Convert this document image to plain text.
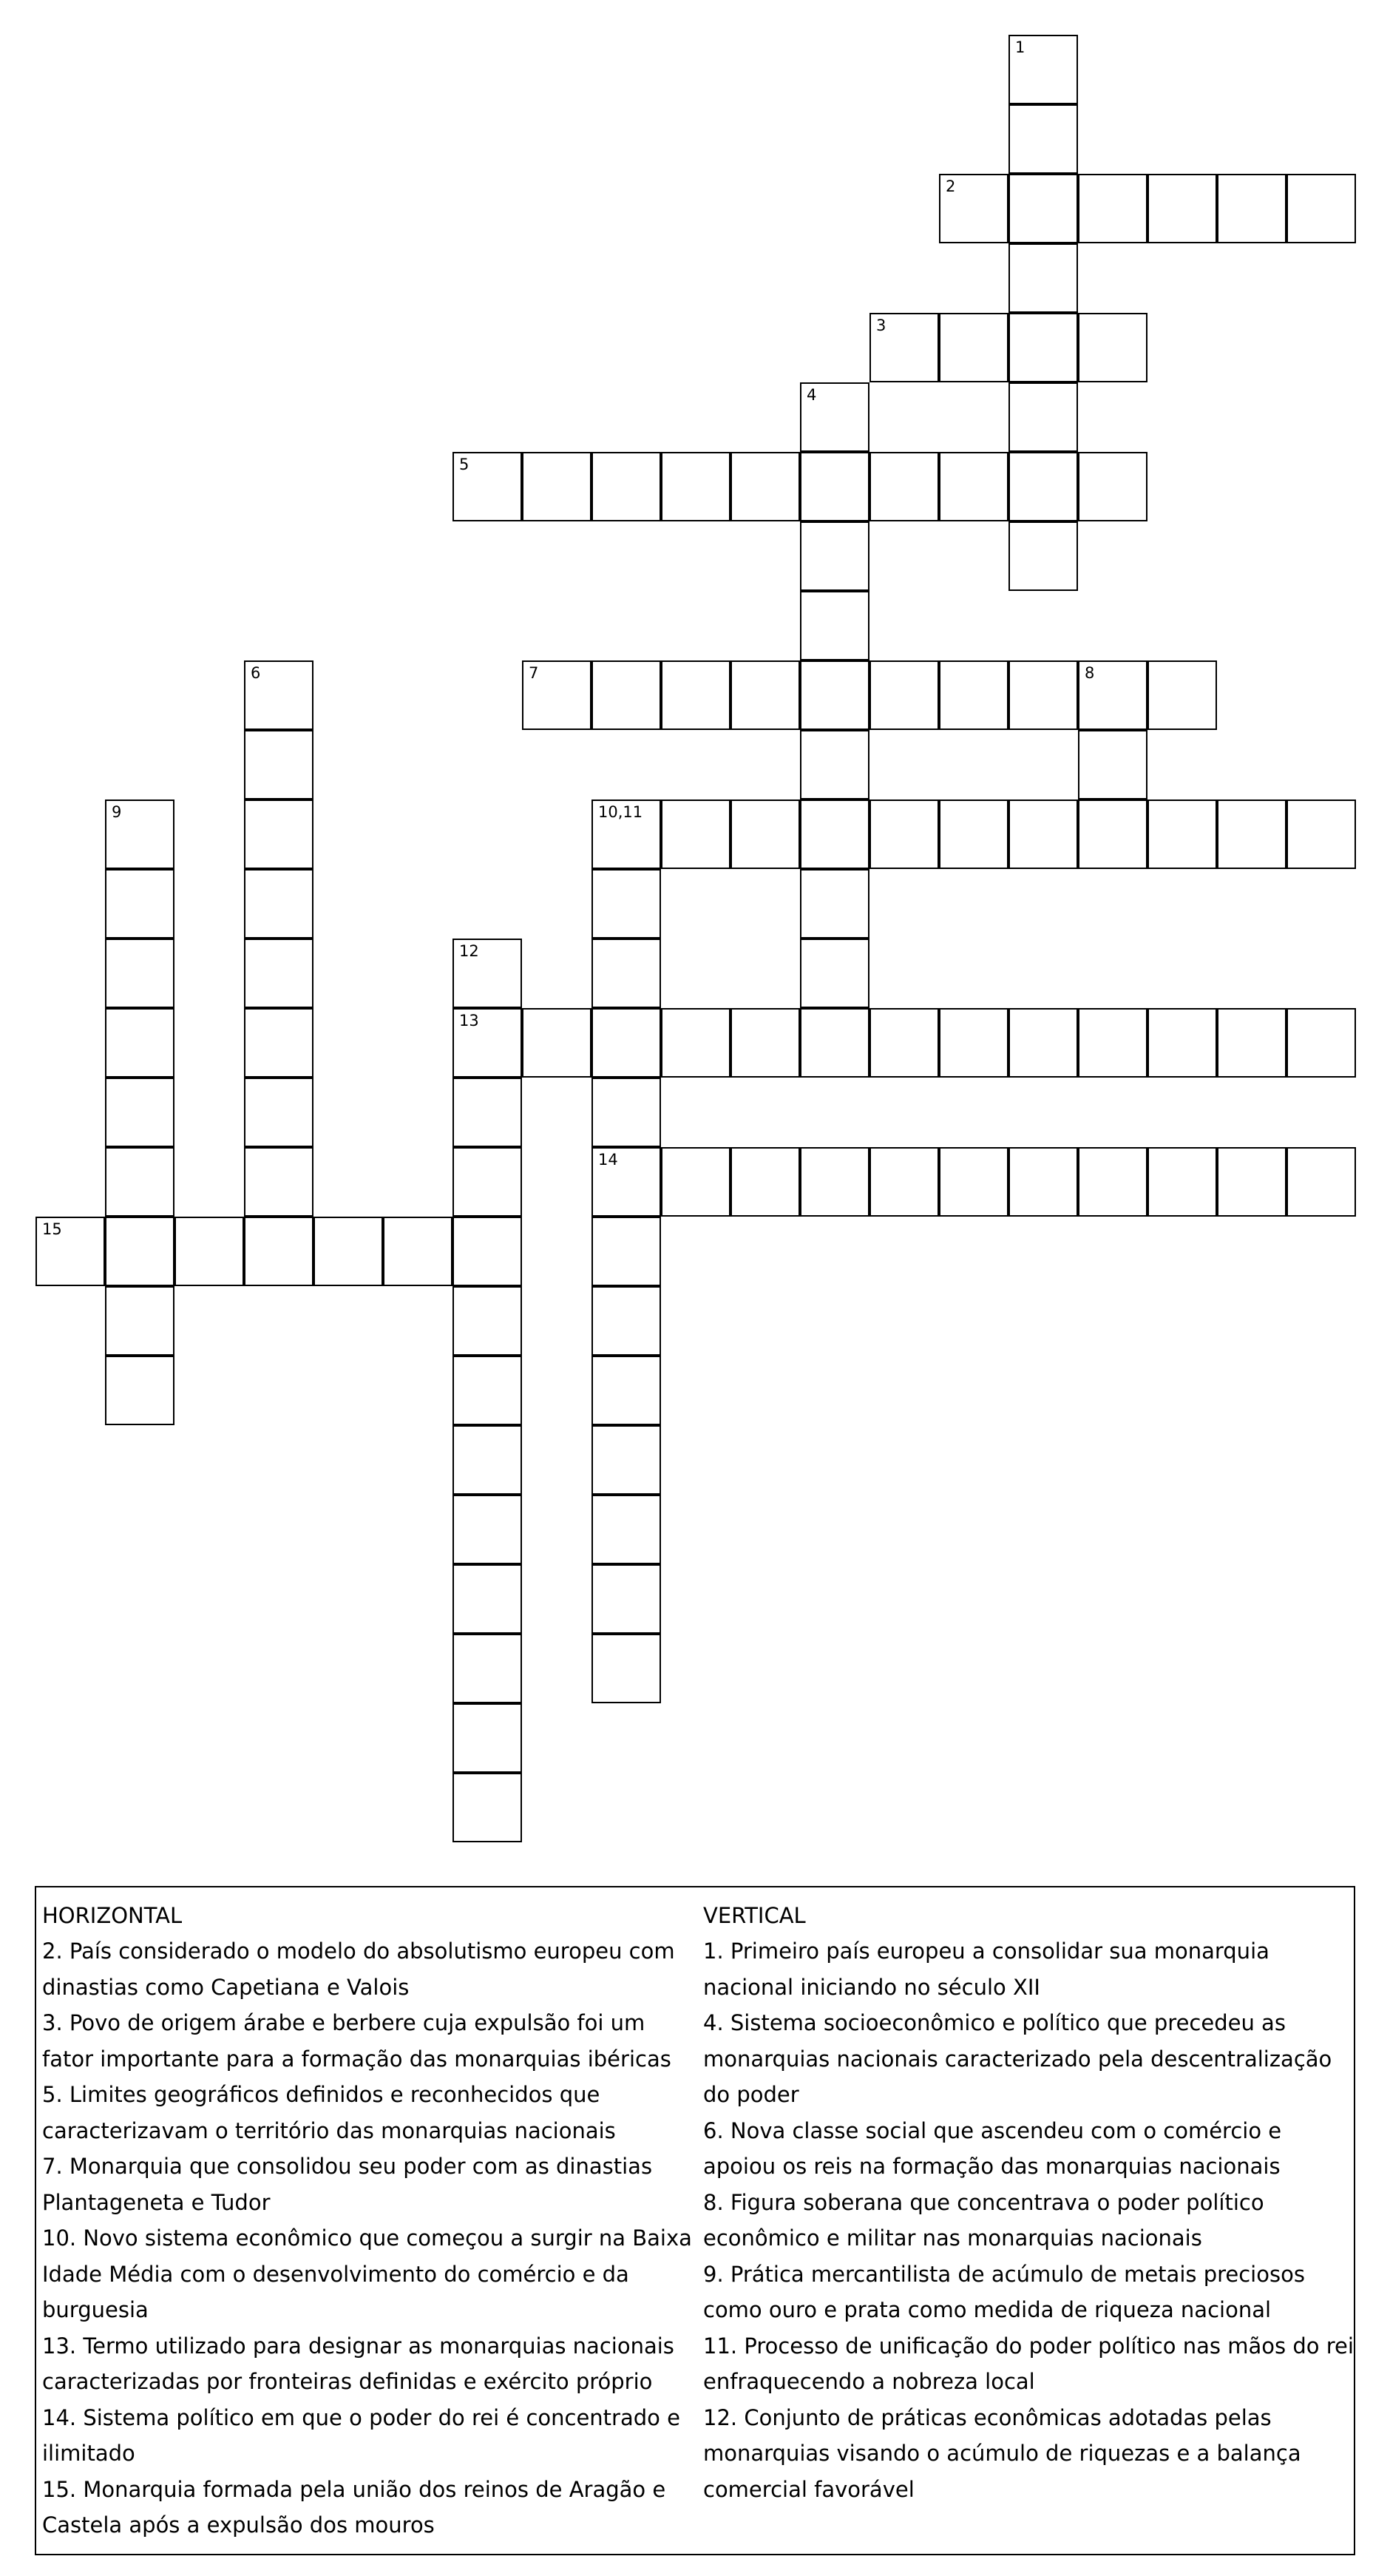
1
2
3
4
5
6	7	8
9	10,11
14
12
13
15

HORIZONTAL

2. País considerado o modelo do absolutismo europeu com dinastias como Capetiana e Valois

3. Povo de origem árabe e berbere cuja expulsão foi um fator importante para a formação das monarquias ibéricas

5. Limites geográficos definidos e reconhecidos que caracterizavam o território das monarquias nacionais

7. Monarquia que consolidou seu poder com as dinastias Plantageneta e Tudor

10. Novo sistema econômico que começou a surgir na Baixa Idade Média com o desenvolvimento do comércio e da burguesia

13. Termo utilizado para designar as monarquias nacionais caracterizadas por fronteiras definidas e exército próprio

14. Sistema político em que o poder do rei é concentrado e ilimitado

15. Monarquia formada pela união dos reinos de Aragão e Castela após a expulsão dos mouros

VERTICAL

1. Primeiro país europeu a consolidar sua monarquia nacional iniciando no século XII

4. Sistema socioeconômico e político que precedeu as monarquias nacionais caracterizado pela descentralização do poder

6. Nova classe social que ascendeu com o comércio e apoiou os reis na formação das monarquias nacionais

8. Figura soberana que concentrava o poder político econômico e militar nas monarquias nacionais

9. Prática mercantilista de acúmulo de metais preciosos como ouro e prata como medida de riqueza nacional

11. Processo de unificação do poder político nas mãos do rei enfraquecendo a nobreza local

12. Conjunto de práticas econômicas adotadas pelas monarquias visando o acúmulo de riquezas e a balança comercial favorável
